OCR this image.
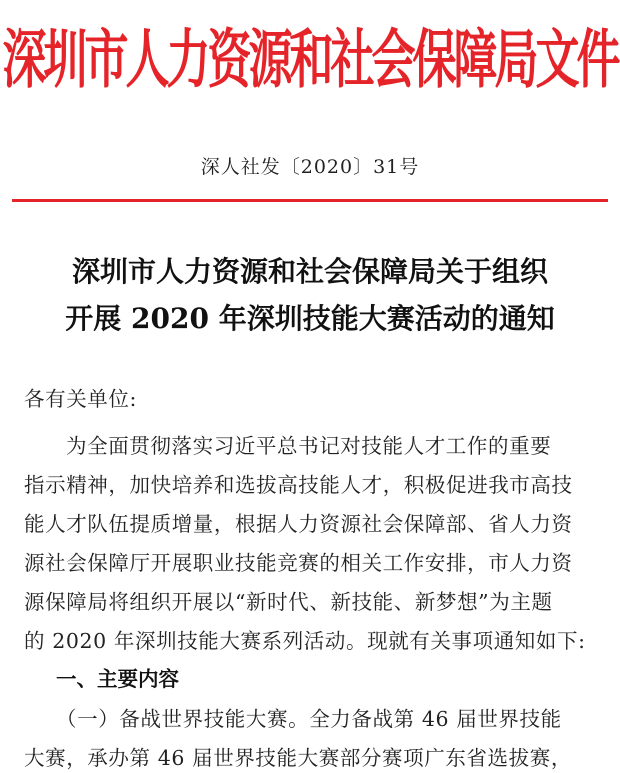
深圳市人力资源和社会保障局文件
深人社发〔2020〕31号
深圳市人力资源和社会保障局关于组织
开展 2020 年深圳技能大赛活动的通知
各有关单位:
为全面贯彻落实习近平总书记对技能人才工作的重要
指示精神，加快培养和选拔高技能人才，积极促进我市高技
能人才队伍提质增量，根据人力资源社会保障部、省人力资
源社会保障厅开展职业技能竞赛的相关工作安排，市人力资
源保障局将组织开展以“新时代、新技能、新梦想”为主题
的 2020 年深圳技能大赛系列活动。现就有关事项通知如下:
一、主要内容
（一）备战世界技能大赛。全力备战第 46 届世界技能
大赛，承办第 46 届世界技能大赛部分赛项广东省选拔赛，
